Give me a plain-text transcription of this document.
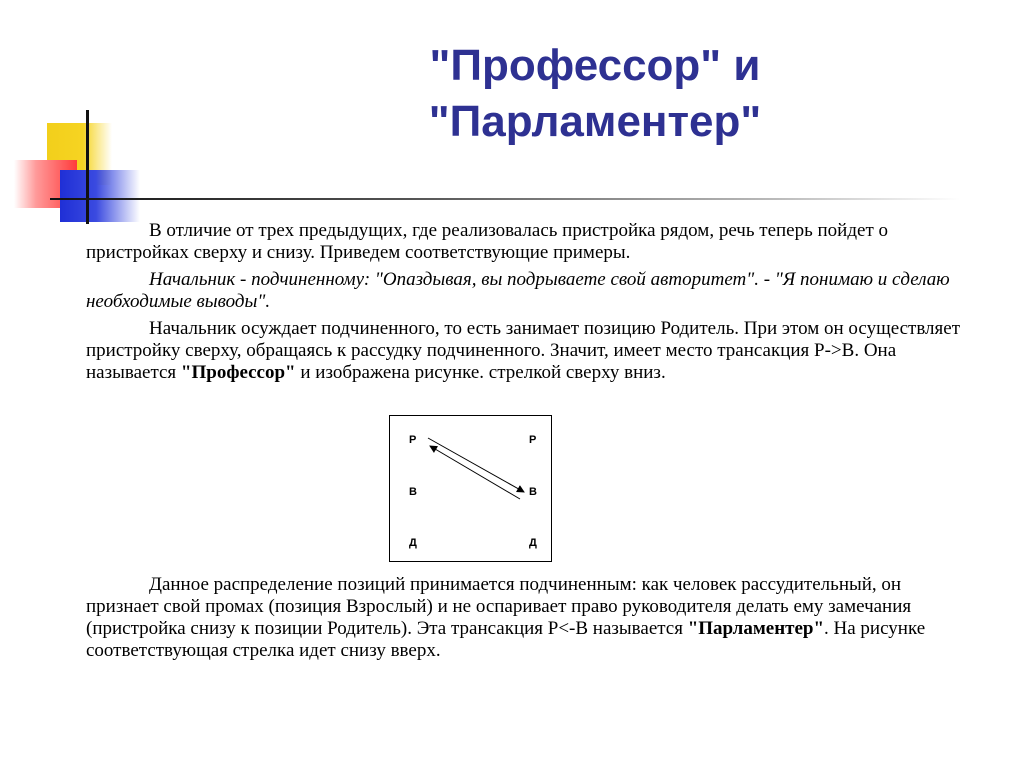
"Профессор" и
"Парламентер"

В отличие от трех предыдущих, где реализовалась пристройка рядом, речь теперь пойдет о пристройках сверху и снизу. Приведем соответствующие примеры.

Начальник - подчиненному: "Опаздывая, вы подрываете свой авторитет". - "Я понимаю и сделаю необходимые выводы".

Начальник осуждает подчиненного, то есть занимает позицию Родитель. При этом он осуществляет пристройку сверху, обращаясь к рассудку подчиненного. Значит, имеет место трансакция Р->В. Она называется "Профессор" и изображена рисунке. стрелкой сверху вниз.

Р
В
Д
Р
В
Д

Данное распределение позиций принимается подчиненным: как человек рассудительный, он признает свой промах (позиция Взрослый) и не оспаривает право руководителя делать ему замечания (пристройка снизу к позиции Родитель). Эта трансакция Р<-В называется "Парламентер". На рисунке соответствующая стрелка идет снизу вверх.
